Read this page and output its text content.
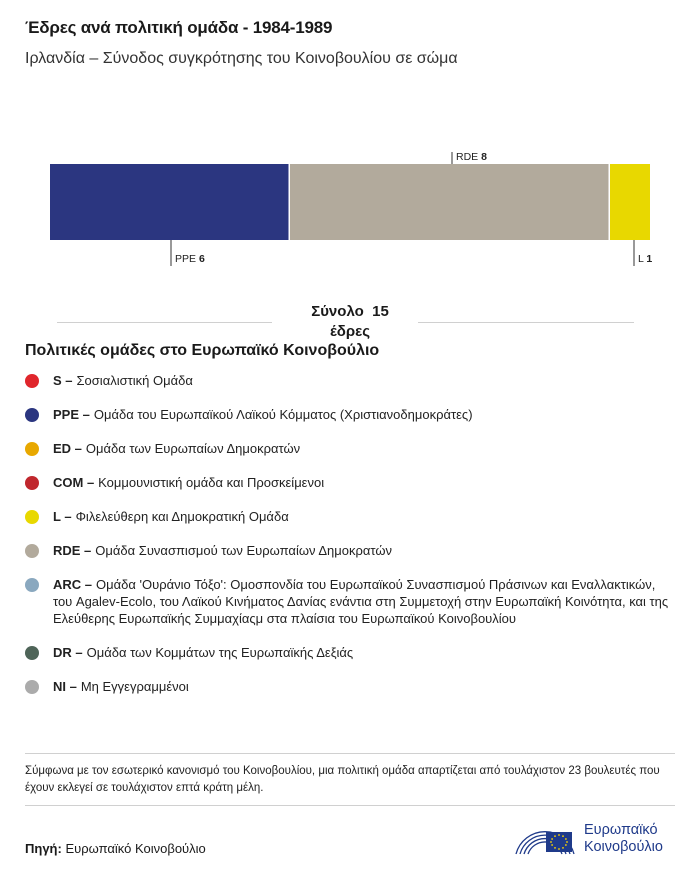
Έδρες ανά πολιτική ομάδα - 1984-1989
Ιρλανδία – Σύνοδος συγκρότησης του Κοινοβουλίου σε σώμα
PPE 6
RDE 8
L 1
Σύνολο  15
έδρες
Πολιτικές ομάδες στο Ευρωπαϊκό Κοινοβούλιο
S – Σοσιαλιστική Ομάδα
PPE – Ομάδα του Ευρωπαϊκού Λαϊκού Κόμματος (Χριστιανοδημοκράτες)
ED – Ομάδα των Ευρωπαίων Δημοκρατών
COM – Κομμουνιστική ομάδα και Προσκείμενοι
L – Φιλελεύθερη και Δημοκρατική Ομάδα
RDE – Ομάδα Συνασπισμού των Ευρωπαίων Δημοκρατών
ARC – Ομάδα 'Ουράνιο Τόξο': Ομοσπονδία του Ευρωπαϊκού Συνασπισμού Πράσινων και Εναλλακτικών, του Agalev-Ecolo, του Λαϊκού Κινήματος Δανίας ενάντια στη Συμμετοχή στην Ευρωπαϊκή Κοινότητα, και της Ελεύθερης Ευρωπαϊκής Συμμαχίαςμ στα πλαίσια του Ευρωπαϊκού Κοινοβουλίου
DR – Ομάδα των Κομμάτων της Ευρωπαϊκής Δεξιάς
NI – Μη Εγγεγραμμένοι
Σύμφωνα με τον εσωτερικό κανονισμό του Κοινοβουλίου, μια πολιτική ομάδα απαρτίζεται από τουλάχιστον 23 βουλευτές που έχουν εκλεγεί σε τουλάχιστον επτά κράτη μέλη.
Πηγή: Ευρωπαϊκό Κοινοβούλιο
Ευρωπαϊκό
Κοινοβούλιο
